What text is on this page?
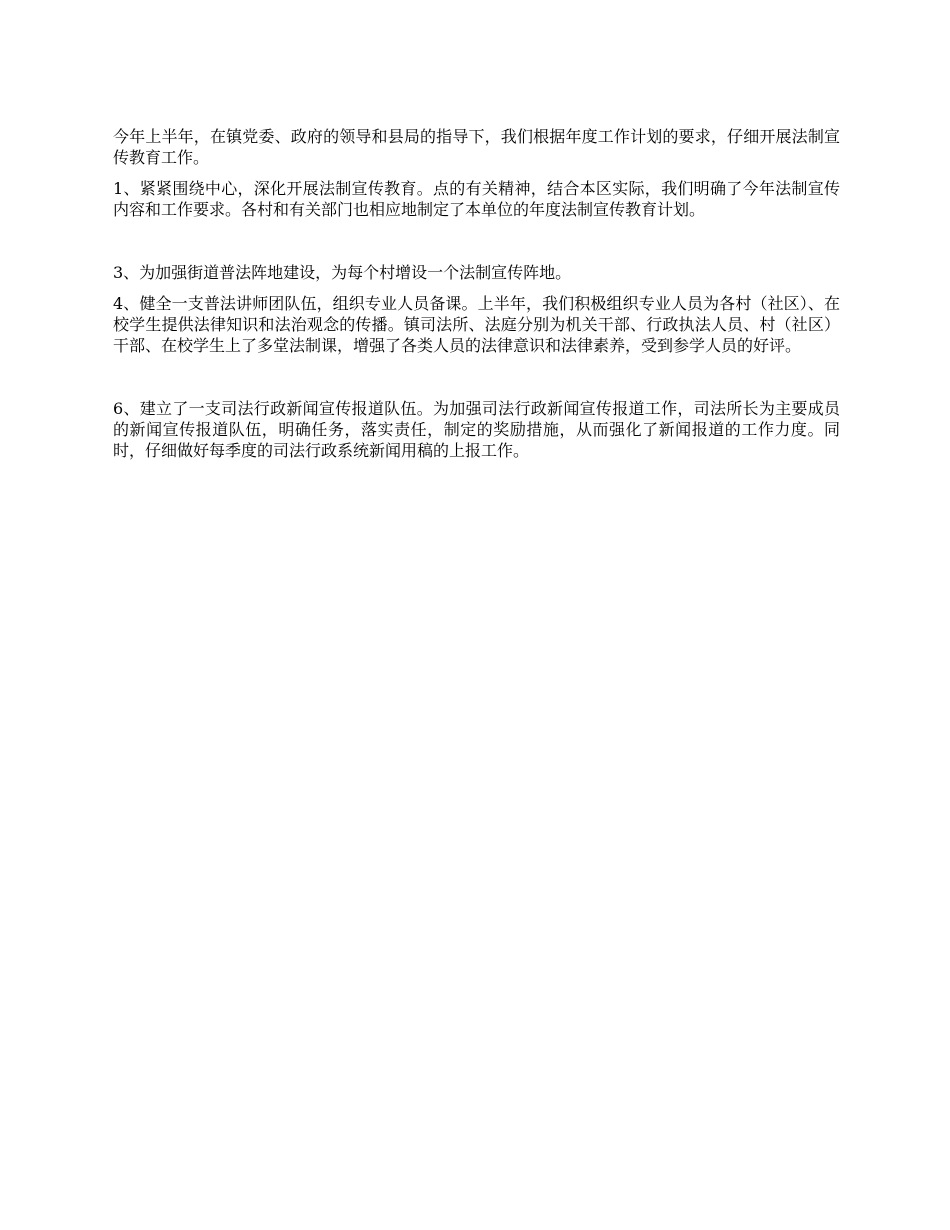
今年上半年，在镇党委、政府的领导和县局的指导下，我们根据年度工作计划的要求，仔细开展法制宣传教育工作。

1、紧紧围绕中心，深化开展法制宣传教育。点的有关精神，结合本区实际，我们明确了今年法制宣传内容和工作要求。各村和有关部门也相应地制定了本单位的年度法制宣传教育计划。

3、为加强街道普法阵地建设，为每个村增设一个法制宣传阵地。

4、健全一支普法讲师团队伍，组织专业人员备课。上半年，我们积极组织专业人员为各村（社区）、在校学生提供法律知识和法治观念的传播。镇司法所、法庭分别为机关干部、行政执法人员、村（社区）干部、在校学生上了多堂法制课，增强了各类人员的法律意识和法律素养，受到参学人员的好评。

6、建立了一支司法行政新闻宣传报道队伍。为加强司法行政新闻宣传报道工作，司法所长为主要成员的新闻宣传报道队伍，明确任务，落实责任，制定的奖励措施，从而强化了新闻报道的工作力度。同时，仔细做好每季度的司法行政系统新闻用稿的上报工作。
